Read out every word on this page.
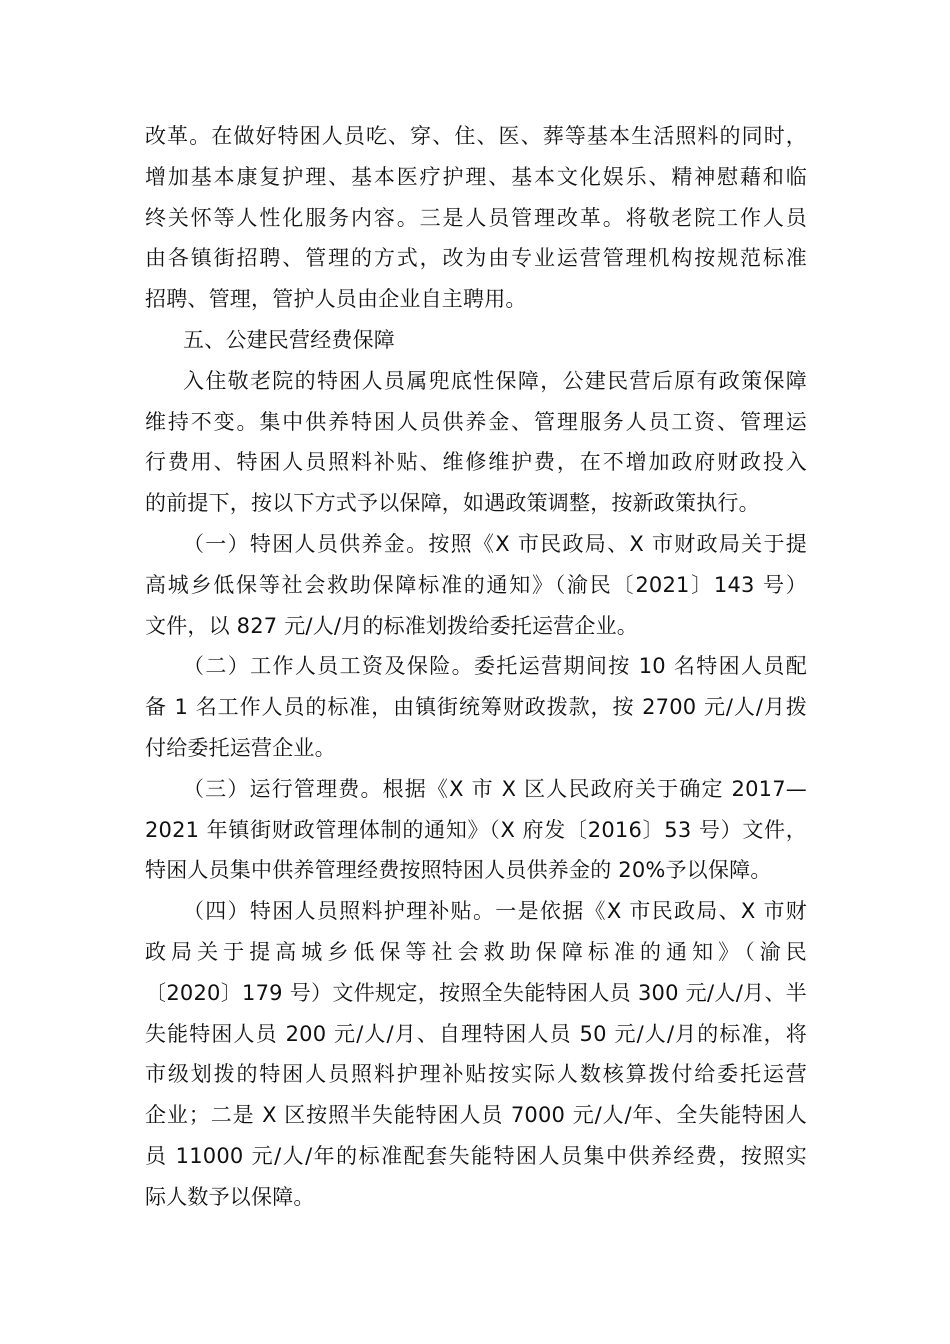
改革。在做好特困人员吃、穿、住、医、葬等基本生活照料的同时，
增加基本康复护理、基本医疗护理、基本文化娱乐、精神慰藉和临
终关怀等人性化服务内容。三是人员管理改革。将敬老院工作人员
由各镇街招聘、管理的方式，改为由专业运营管理机构按规范标准
招聘、管理，管护人员由企业自主聘用。
五、公建民营经费保障
入住敬老院的特困人员属兜底性保障，公建民营后原有政策保障
维持不变。集中供养特困人员供养金、管理服务人员工资、管理运
行费用、特困人员照料补贴、维修维护费，在不增加政府财政投入
的前提下，按以下方式予以保障，如遇政策调整，按新政策执行。
（一）特困人员供养金。按照《X 市民政局、X 市财政局关于提
高城乡低保等社会救助保障标准的通知》（渝民〔2021〕143 号）
文件，以 827 元/人/月的标准划拨给委托运营企业。
（二）工作人员工资及保险。委托运营期间按 10 名特困人员配
备 1 名工作人员的标准，由镇街统筹财政拨款，按 2700 元/人/月拨
付给委托运营企业。
（三）运行管理费。根据《X 市 X 区人民政府关于确定 2017—
2021 年镇街财政管理体制的通知》（X 府发〔2016〕53 号）文件，
特困人员集中供养管理经费按照特困人员供养金的 20%予以保障。
（四）特困人员照料护理补贴。一是依据《X 市民政局、X 市财
政局关于提高城乡低保等社会救助保障标准的通知》（渝民
〔2020〕179 号）文件规定，按照全失能特困人员 300 元/人/月、半
失能特困人员 200 元/人/月、自理特困人员 50 元/人/月的标准，将
市级划拨的特困人员照料护理补贴按实际人数核算拨付给委托运营
企业；二是 X 区按照半失能特困人员 7000 元/人/年、全失能特困人
员 11000 元/人/年的标准配套失能特困人员集中供养经费，按照实
际人数予以保障。
